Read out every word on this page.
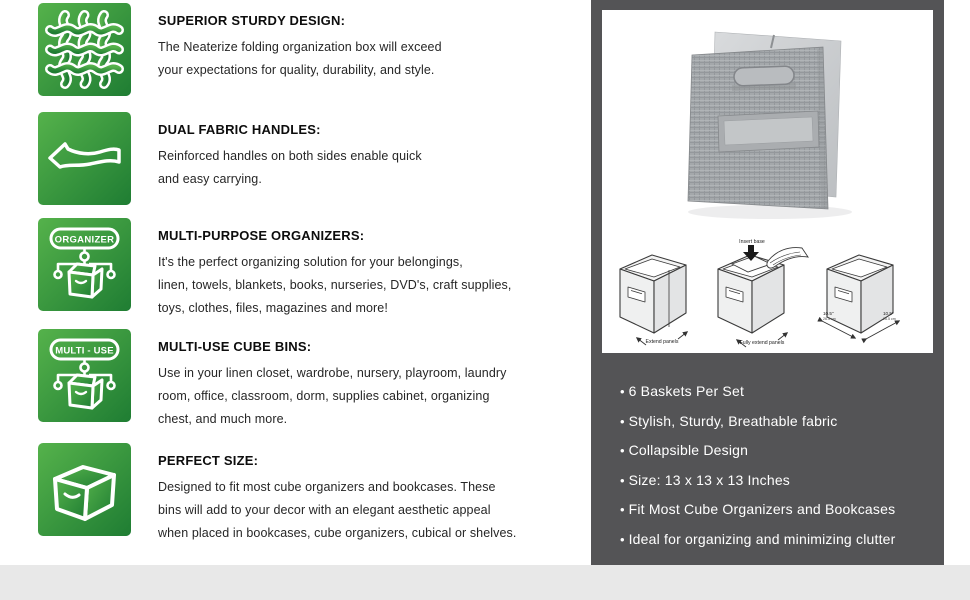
SUPERIOR STURDY DESIGN:
The Neaterize folding organization box will exceed
your expectations for quality, durability, and style.
DUAL FABRIC HANDLES:
Reinforced handles on both sides enable quick
and easy carrying.
ORGANIZER	MULTI-PURPOSE ORGANIZERS:
It's the perfect organizing solution for your belongings,
linen, towels, blankets, books, nurseries, DVD's, craft supplies,
toys, clothes, files, magazines and more!
MULTI - USE	MULTI-USE CUBE BINS:
Use in your linen closet, wardrobe, nursery, playroom, laundry
room, office, classroom, dorm, supplies cabinet, organizing
chest, and much more.
PERFECT SIZE:
Designed to fit most cube organizers and bookcases. These
bins will add to your decor with an elegant aesthetic appeal
when placed in bookcases, cube organizers, cubical or shelves.
Extend panels
Insert base
Fully extend panels
10.5"
26.5 cm
10.5"
26.5 cm
• 6 Baskets Per Set
• Stylish, Sturdy, Breathable fabric
• Collapsible Design
• Size: 13 x 13 x 13 Inches
• Fit Most Cube Organizers and Bookcases
• Ideal for organizing and minimizing clutter
